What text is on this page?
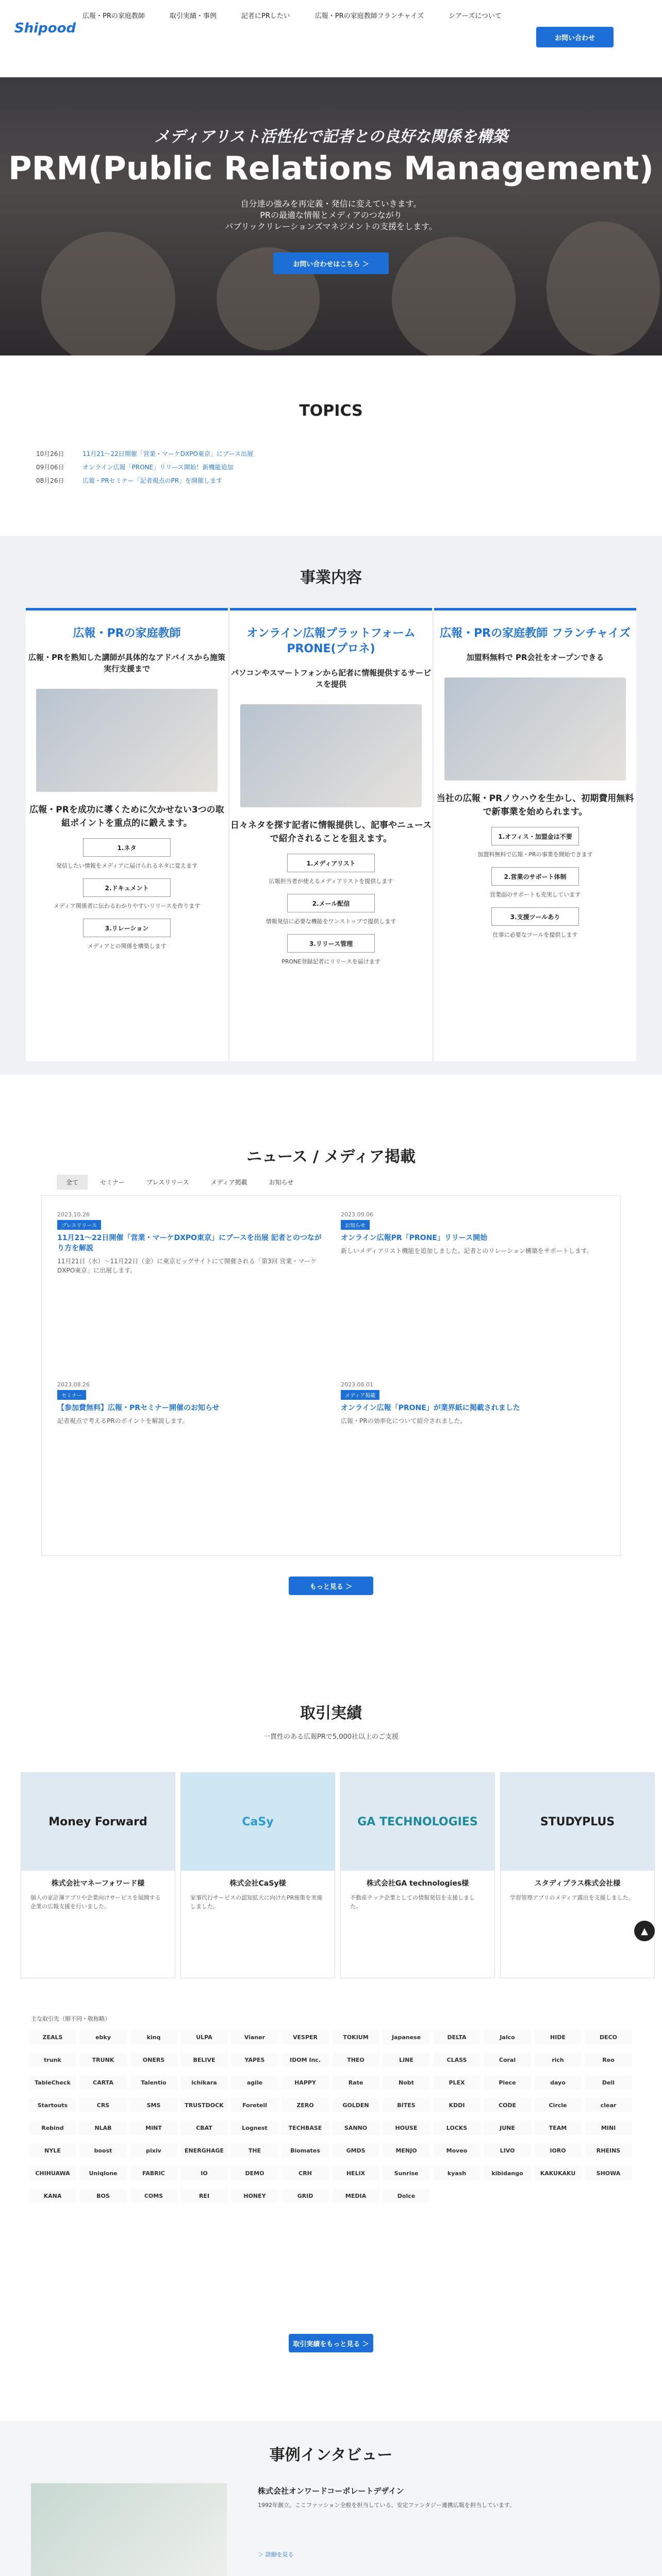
Shipood
広報・PRの家庭教師	取引実績・事例	記者にPRしたい	広報・PRの家庭教師フランチャイズ	シアーズについて
お問い合わせ
メディアリスト活性化で記者との良好な関係を構築
PRM(Public Relations Management)
自分達の強みを再定義・発信に変えていきます。
PRの最適な情報とメディアのつながり
パブリックリレーションズマネジメントの支援をします。
お問い合わせはこちら ＞
TOPICS
10月26日	11月21〜22日開催「営業・マーケDXPO東京」にブース出展
09月06日	オンライン広報「PRONE」リリース開始！新機能追加
08月26日	広報・PRセミナー「記者視点のPR」を開催します
事業内容
広報・PRの家庭教師
広報・PRを熟知した講師が具体的なアドバイスから施策実行支援まで
広報・PRを成功に導くために欠かせない3つの取組ポイントを重点的に鍛えます。
1.ネタ
発信したい情報をメディアに届けられるネタに変えます
2.ドキュメント
メディア関係者に伝わるわかりやすいリリースを作ります
3.リレーション
メディアとの関係を構築します
オンライン広報プラットフォーム PRONE(プロネ)
パソコンやスマートフォンから記者に情報提供するサービスを提供
日々ネタを探す記者に情報提供し、記事やニュースで紹介されることを狙えます。
1.メディアリスト
広報担当者が使えるメディアリストを提供します
2.メール配信
情報発信に必要な機能をワンストップで提供します
3.リリース管理
PRONE登録記者にリリースを届けます
広報・PRの家庭教師 フランチャイズ
加盟料無料で PR会社をオープンできる
当社の広報・PRノウハウを生かし、初期費用無料で新事業を始められます。
1.オフィス・加盟金は不要
加盟料無料で広報・PRの事業を開始できます
2.営業のサポート体制
営業面のサポートも充実しています
3.支援ツールあり
仕事に必要なツールを提供します
ニュース / メディア掲載
全て	セミナー	プレスリリース	メディア掲載	お知らせ
2023.10.26
プレスリリース
11月21〜22日開催「営業・マーケDXPO東京」にブースを出展 記者とのつながり方を解説
11月21日（水）〜11月22日（金）に東京ビッグサイトにて開催される「第3回 営業・マーケDXPO東京」に出展します。
2023.09.06
お知らせ
オンライン広報PR「PRONE」リリース開始
新しいメディアリスト機能を追加しました。記者とのリレーション構築をサポートします。
2023.08.26
セミナー
【参加費無料】広報・PRセミナー開催のお知らせ
記者視点で考えるPRのポイントを解説します。
2023.08.01
メディア掲載
オンライン広報「PRONE」が業界紙に掲載されました
広報・PRの効率化について紹介されました。
もっと見る ＞
取引実績
一貫性のある広報PRで5,000社以上のご支援
Money Forward
株式会社マネーフォワード様
個人の家計簿アプリや企業向けサービスを展開する企業の広報支援を行いました。
CaSy
株式会社CaSy様
家事代行サービスの認知拡大に向けたPR施策を実施しました。
GA TECHNOLOGIES
株式会社GA technologies様
不動産テック企業としての情報発信を支援しました。
STUDYPLUS
スタディプラス株式会社様
学習管理アプリのメディア露出を支援しました。
主な取引先（順不同・敬称略）
ZEALS	ebky	kinq	ULPA	Vianer	VESPER	TOKIUM	Japanese	DELTA	Jalco	HIDE	DECO
trunk	TRUNK	ONERS	BELIVE	YAPES	IDOM Inc.	THEO	LINE	CLASS	Coral	rich	Reo
TableCheck	CARTA	Talentio	ichikara	agile	HAPPY	Rate	Nobt	PLEX	Piece	dayo	Dell
Startouts	CRS	SMS	TRUSTDOCK	Foretell	ZERO	GOLDEN	BITES	KDDI	CODE	Circle	clear
Rebind	NLAB	MINT	CBAT	Lognest	TECHBASE	SANNO	HOUSE	LOCKS	JUNE	TEAM	MINI
NYLE	boost	pixiv	ENERGHAGE	THE	Biomates	GMDS	MENJO	Moveo	LIVO	IORO	RHEINS
CHIHUAWA	Uniqlone	FABRIC	IO	DEMO	CRH	HELIX	Sunrise	kyash	kibidango	KAKUKAKU	SHOWA
KANA	BOS	COMS	REI	HONEY	GRID	MEDIA	Dolce
取引実績をもっと見る ＞
事例インタビュー
株式会社オンワードコーポレートデザイン
1992年創立。ここファッション全般を担当している、安定ファンタジー連携広報を担当しています。
＞ 詳細を見る
▲
